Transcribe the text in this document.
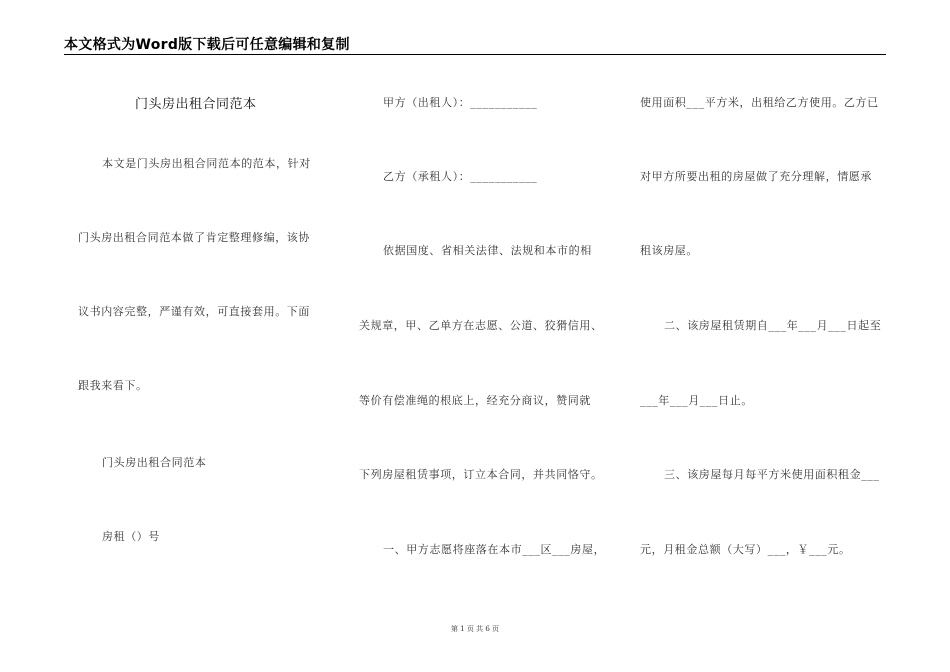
本文格式为Word版下载后可任意编辑和复制
门头房出租合同范本
本文是门头房出租合同范本的范本，针对
门头房出租合同范本做了肯定整理修编，该协
议书内容完整，严谨有效，可直接套用。下面
跟我来看下。
门头房出租合同范本
房租（）号
甲方（出租人）：___________
乙方（承租人）：___________
依据国度、省相关法律、法规和本市的相
关规章，甲、乙单方在志愿、公道、狡猾信用、
等价有偿准绳的根底上，经充分商议，赞同就
下列房屋租赁事项，订立本合同，并共同恪守。
一、甲方志愿将座落在本市___区___房屋，
使用面积___平方米，出租给乙方使用。乙方已
对甲方所要出租的房屋做了充分理解，情愿承
租该房屋。
二、该房屋租赁期自___年___月___日起至
___年___月___日止。
三、该房屋每月每平方米使用面积租金___
元，月租金总额（大写）___，￥___元。
第 1 页 共 6 页
